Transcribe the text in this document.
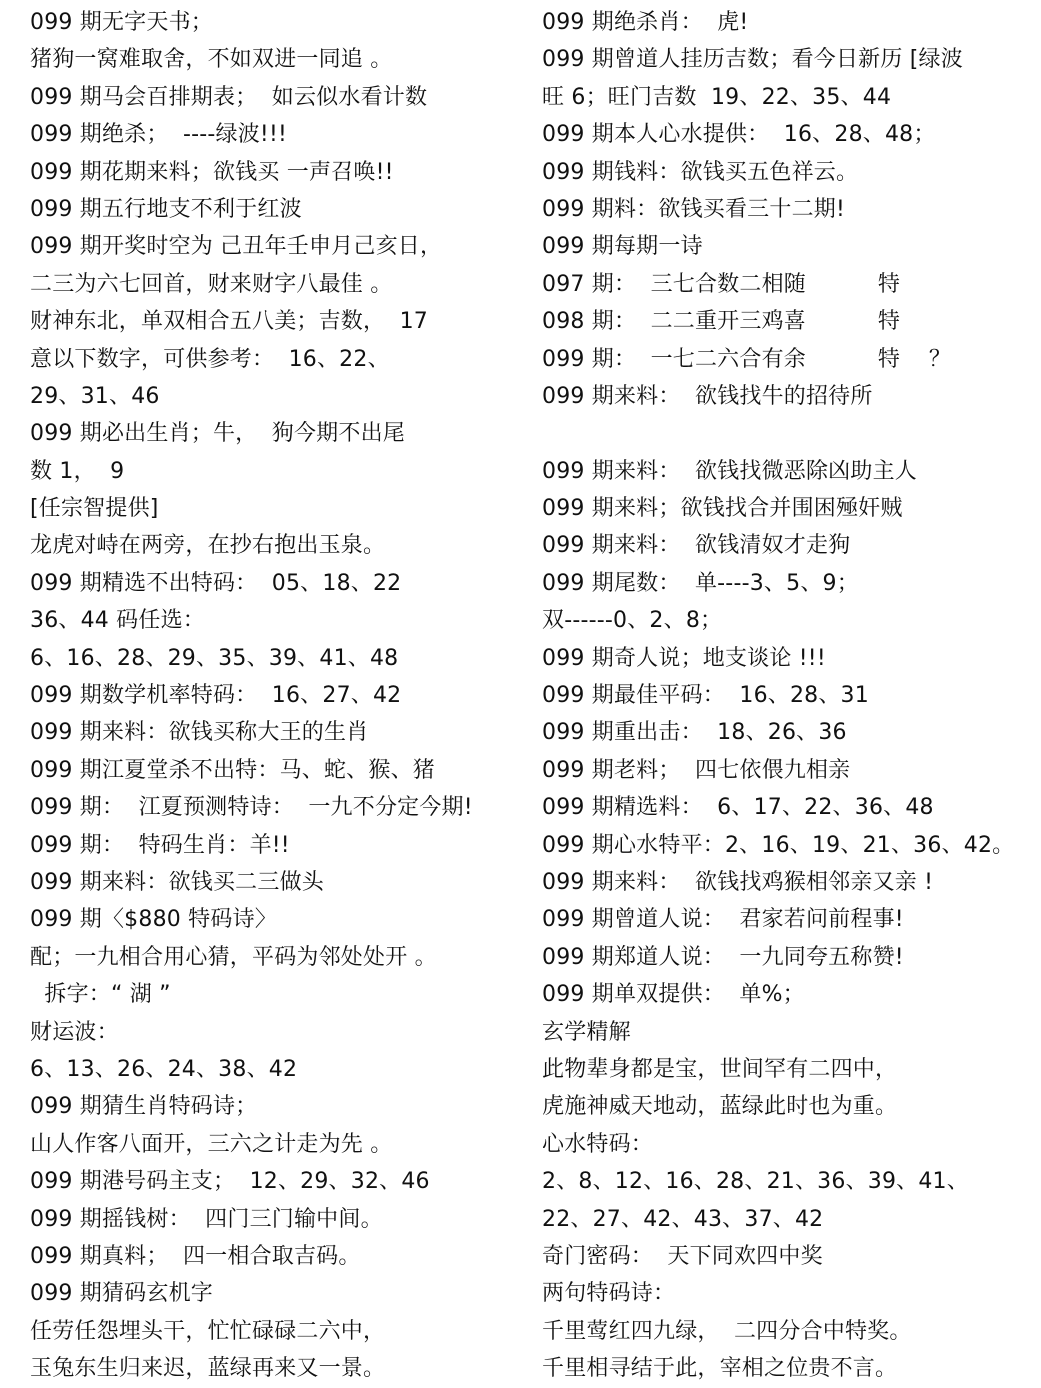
099 期无字天书；
猪狗一窝难取舍，不如双进一同追 。
099 期马会百排期表；  如云似水看计数
099 期绝杀；  ----绿波!!!
099 期花期来料；欲钱买 一声召唤!!
099 期五行地支不利于红波
099 期开奖时空为 己丑年壬申月己亥日，
二三为六七回首，财来财字八最佳 。
财神东北，单双相合五八美；吉数，  17
意以下数字，可供参考：  16、22、
29、31、46
099 期必出生肖；牛，  狗今期不出尾
数 1，  9
[任宗智提供]
龙虎对峙在两旁，在抄右抱出玉泉。
099 期精选不出特码：  05、18、22
36、44 码任选：
6、16、28、29、35、39、41、48
099 期数学机率特码：  16、27、42
099 期来料：欲钱买称大王的生肖
099 期江夏堂杀不出特：马、蛇、猴、猪
099 期：  江夏预测特诗：  一九不分定今期!
099 期：  特码生肖：羊!!
099 期来料：欲钱买二三做头
099 期〈$880 特码诗〉
配；一九相合用心猜，平码为邻处处开 。
拆字：“ 湖 ”
财运波：
6、13、26、24、38、42
099 期猜生肖特码诗；
山人作客八面开，三六之计走为先 。
099 期港号码主支；  12、29、32、46
099 期摇钱树：  四门三门输中间。
099 期真料；  四一相合取吉码。
099 期猜码玄机字
任劳任怨埋头干，忙忙碌碌二六中，
玉兔东生归来迟，蓝绿再来又一景。
099 期绝杀肖：  虎!
099 期曾道人挂历吉数；看今日新历 [绿波
旺 6；旺门吉数  19、22、35、44
099 期本人心水提供：  16、28、48；
099 期钱料：欲钱买五色祥云。
099 期料：欲钱买看三十二期!
099 期每期一诗
097 期：  三七合数二相随          特
098 期：  二二重开三鸡喜          特
099 期：  一七二六合有余          特    ？
099 期来料：  欲钱找牛的招待所
099 期来料：  欲钱找微恶除凶助主人
099 期来料；欲钱找合并围困殛奸贼
099 期来料：  欲钱清奴才走狗
099 期尾数：  单----3、5、9；
双------0、2、8；
099 期奇人说；地支谈论 !!!
099 期最佳平码：  16、28、31
099 期重出击：  18、26、36
099 期老料；  四七依偎九相亲
099 期精选料：  6、17、22、36、48
099 期心水特平：2、16、19、21、36、42。
099 期来料：  欲钱找鸡猴相邻亲又亲 !
099 期曾道人说：  君家若问前程事!
099 期郑道人说：  一九同夸五称赞!
099 期单双提供：  单%；
玄学精解
此物辈身都是宝，世间罕有二四中，
虎施神威天地动，蓝绿此时也为重。
心水特码：
2、8、12、16、28、21、36、39、41、
22、27、42、43、37、42
奇门密码：  天下同欢四中奖
两句特码诗：
千里莺红四九绿，  二四分合中特奖。
千里相寻结于此，宰相之位贵不言。
